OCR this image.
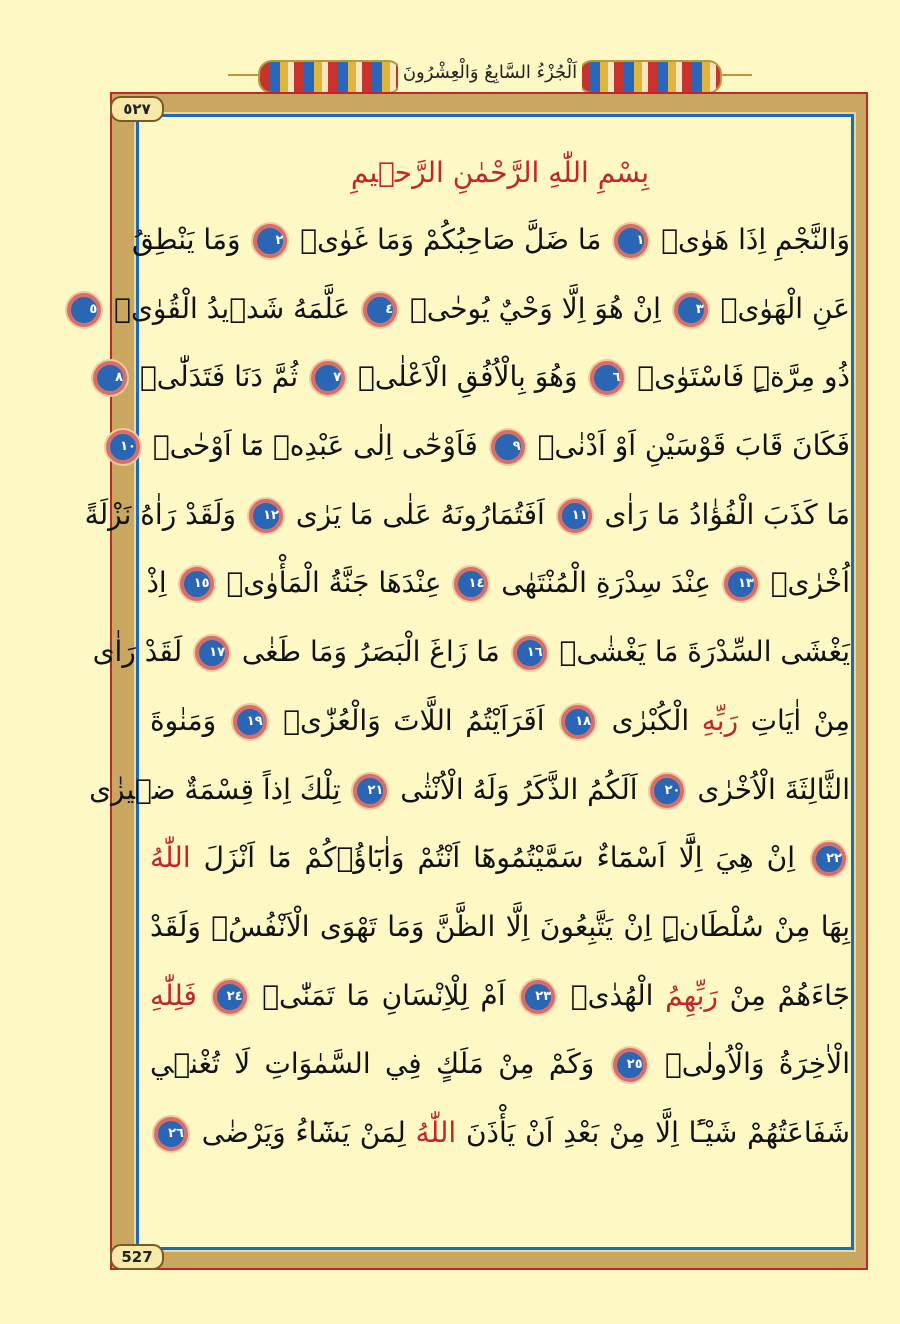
اَلْجُزْءُ السَّابِعُ وَالْعِشْرُونَ
٥٢٧
527
بِسْمِ اللّٰهِ الرَّحْمٰنِ الرَّح۪يمِ
وَالنَّجْمِ اِذَا هَوٰىۙ ١ مَا ضَلَّ صَاحِبُكُمْ وَمَا غَوٰىۚ ٢ وَمَا يَنْطِقُ
عَنِ الْهَوٰىۜ ٣ اِنْ هُوَ اِلَّا وَحْيٌ يُوحٰىۙ ٤ عَلَّمَهُ شَد۪يدُ الْقُوٰىۙ ٥
ذُو مِرَّةٍۜ فَاسْتَوٰىۙ ٦ وَهُوَ بِالْاُفُقِ الْاَعْلٰىۜ ٧ ثُمَّ دَنَا فَتَدَلّٰىۙ ٨
فَكَانَ قَابَ قَوْسَيْنِ اَوْ اَدْنٰىۚ ٩ فَاَوْحٰٓى اِلٰى عَبْدِه۪ مَٓا اَوْحٰىۜ ١٠
مَا كَذَبَ الْفُؤٰادُ مَا رَاٰى ١١ اَفَتُمَارُونَهُ عَلٰى مَا يَرٰى ١٢ وَلَقَدْ رَاٰهُ نَزْلَةً
اُخْرٰىۙ ١٣ عِنْدَ سِدْرَةِ الْمُنْتَهٰى ١٤ عِنْدَهَا جَنَّةُ الْمَأْوٰىۜ ١٥ اِذْ
يَغْشَى السِّدْرَةَ مَا يَغْشٰىۙ ١٦ مَا زَاغَ الْبَصَرُ وَمَا طَغٰى ١٧ لَقَدْ رَاٰى
مِنْ اٰيَاتِ رَبِّهِ الْكُبْرٰى ١٨ اَفَرَاَيْتُمُ اللَّاتَ وَالْعُزّٰىۙ ١٩ وَمَنٰوةَ
الثَّالِثَةَ الْاُخْرٰى ٢٠ اَلَكُمُ الذَّكَرُ وَلَهُ الْاُنْثٰى ٢١ تِلْكَ اِذاً قِسْمَةٌ ض۪يزٰى
٢٢ اِنْ هِيَ اِلَّٓا اَسْمَٓاءٌ سَمَّيْتُمُوهَٓا اَنْتُمْ وَاٰبَٓاؤُ۬كُمْ مَٓا اَنْزَلَ اللّٰهُ
بِهَا مِنْ سُلْطَانٍۜ اِنْ يَتَّبِعُونَ اِلَّا الظَّنَّ وَمَا تَهْوَى الْاَنْفُسُۚ وَلَقَدْ
جَٓاءَهُمْ مِنْ رَبِّهِمُ الْهُدٰىۜ ٢٣ اَمْ لِلْاِنْسَانِ مَا تَمَنّٰىۘ ٢٤ فَلِلّٰهِ
الْاٰخِرَةُ وَالْاُولٰى۟ ٢٥ وَكَمْ مِنْ مَلَكٍ فِي السَّمٰوَاتِ لَا تُغْن۪ي
شَفَاعَتُهُمْ شَيْـًٔا اِلَّا مِنْ بَعْدِ اَنْ يَأْذَنَ اللّٰهُ لِمَنْ يَشَٓاءُ وَيَرْضٰى ٢٦
